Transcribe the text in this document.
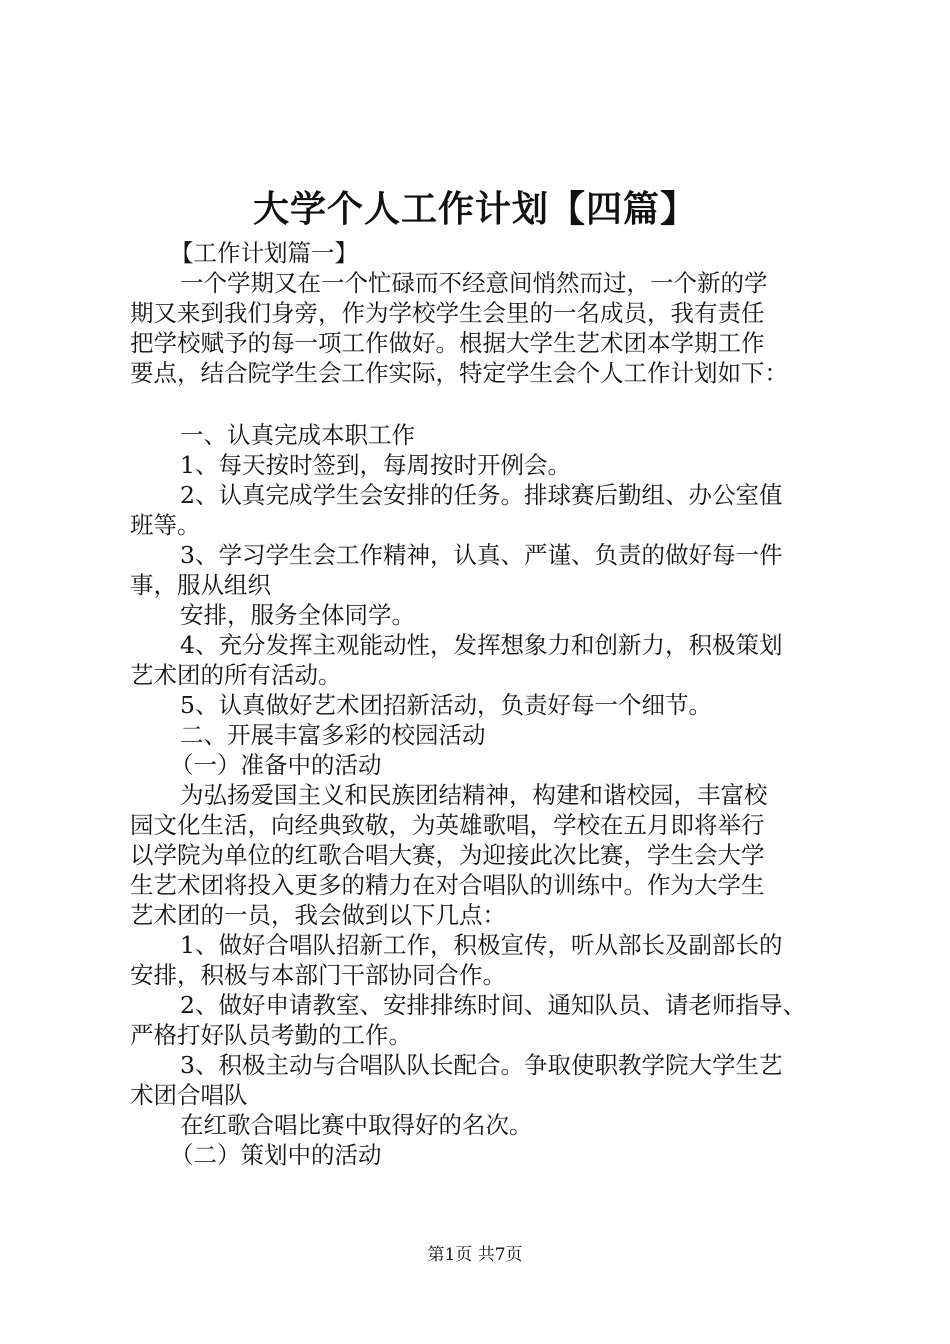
大学个人工作计划【四篇】
【工作计划篇一】
一个学期又在一个忙碌而不经意间悄然而过，一个新的学
期又来到我们身旁，作为学校学生会里的一名成员，我有责任
把学校赋予的每一项工作做好。根据大学生艺术团本学期工作
要点，结合院学生会工作实际，特定学生会个人工作计划如下：
一、认真完成本职工作
1、每天按时签到，每周按时开例会。
2、认真完成学生会安排的任务。排球赛后勤组、办公室值
班等。
3、学习学生会工作精神，认真、严谨、负责的做好每一件
事，服从组织
安排，服务全体同学。
4、充分发挥主观能动性，发挥想象力和创新力，积极策划
艺术团的所有活动。
5、认真做好艺术团招新活动，负责好每一个细节。
二、开展丰富多彩的校园活动
（一）准备中的活动
为弘扬爱国主义和民族团结精神，构建和谐校园，丰富校
园文化生活，向经典致敬，为英雄歌唱，学校在五月即将举行
以学院为单位的红歌合唱大赛，为迎接此次比赛，学生会大学
生艺术团将投入更多的精力在对合唱队的训练中。作为大学生
艺术团的一员，我会做到以下几点：
1、做好合唱队招新工作，积极宣传，听从部长及副部长的
安排，积极与本部门干部协同合作。
2、做好申请教室、安排排练时间、通知队员、请老师指导、
严格打好队员考勤的工作。
3、积极主动与合唱队队长配合。争取使职教学院大学生艺
术团合唱队
在红歌合唱比赛中取得好的名次。
（二）策划中的活动
第1页 共7页
